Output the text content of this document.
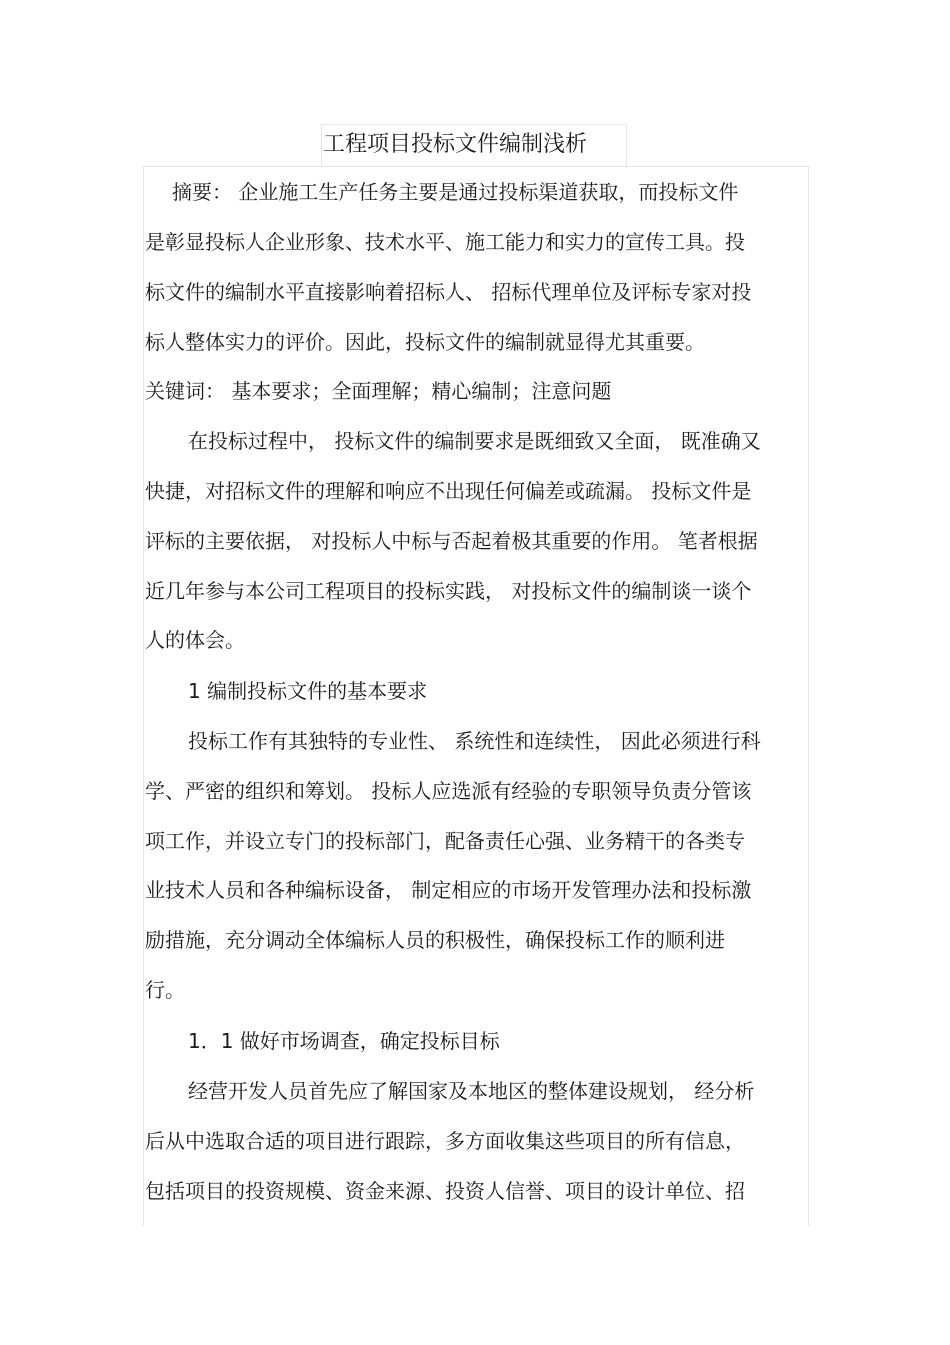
工程项目投标文件编制浅析
摘要： 企业施工生产任务主要是通过投标渠道获取，而投标文件
是彰显投标人企业形象、技术水平、施工能力和实力的宣传工具。投
标文件的编制水平直接影响着招标人、 招标代理单位及评标专家对投
标人整体实力的评价。因此，投标文件的编制就显得尤其重要。
关键词： 基本要求；全面理解；精心编制；注意问题
在投标过程中， 投标文件的编制要求是既细致又全面， 既准确又
快捷，对招标文件的理解和响应不出现任何偏差或疏漏。 投标文件是
评标的主要依据， 对投标人中标与否起着极其重要的作用。 笔者根据
近几年参与本公司工程项目的投标实践， 对投标文件的编制谈一谈个
人的体会。
1 编制投标文件的基本要求
投标工作有其独特的专业性、 系统性和连续性， 因此必须进行科
学、严密的组织和筹划。 投标人应选派有经验的专职领导负责分管该
项工作，并设立专门的投标部门，配备责任心强、业务精干的各类专
业技术人员和各种编标设备， 制定相应的市场开发管理办法和投标激
励措施，充分调动全体编标人员的积极性，确保投标工作的顺利进
行。
1．1 做好市场调查，确定投标目标
经营开发人员首先应了解国家及本地区的整体建设规划， 经分析
后从中选取合适的项目进行跟踪，多方面收集这些项目的所有信息，
包括项目的投资规模、资金来源、投资人信誉、项目的设计单位、招
